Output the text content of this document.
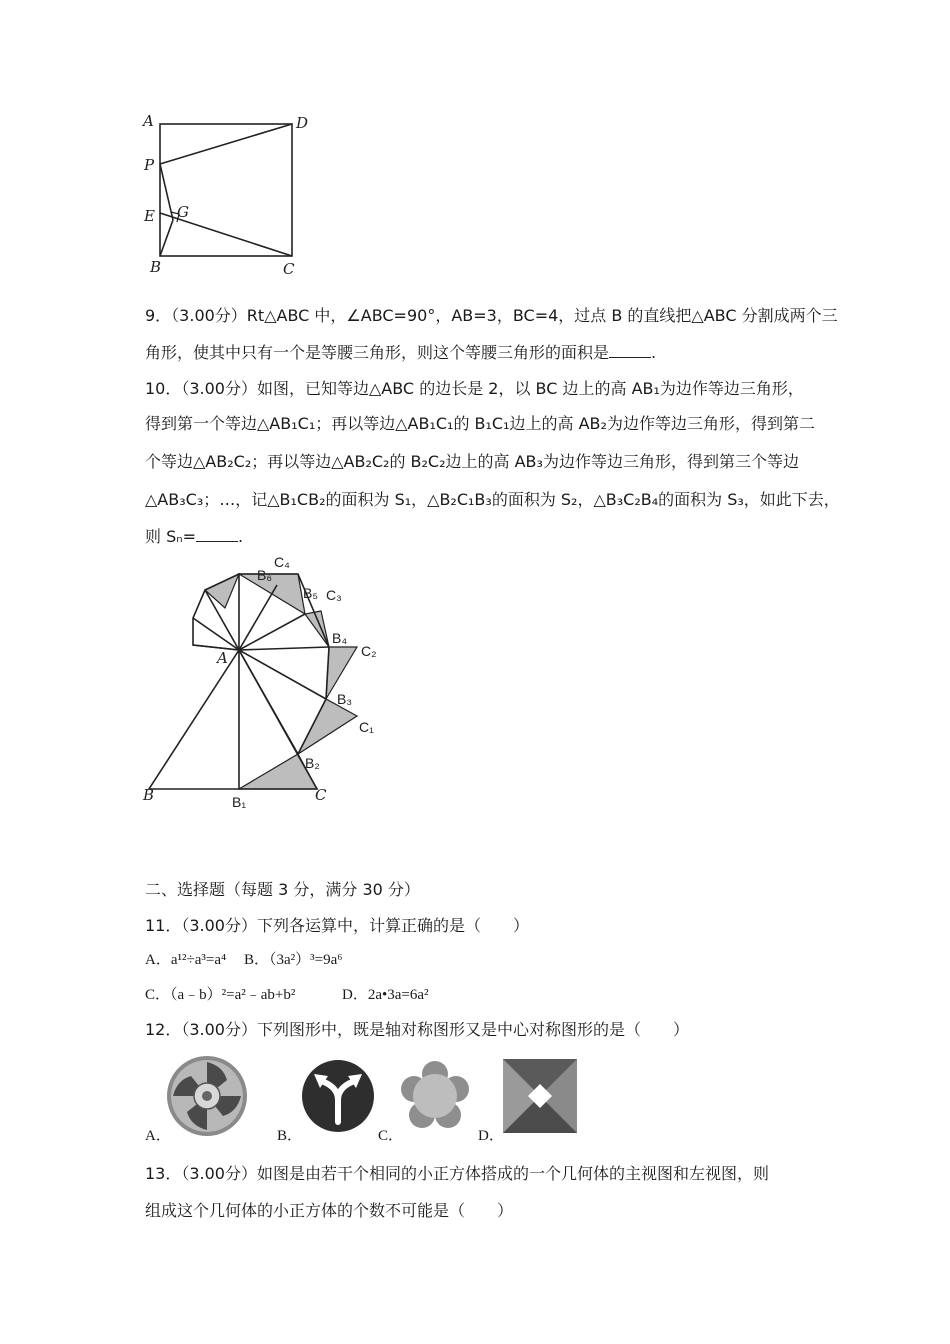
A	D
P
G
E
B	C
9．（3.00分）Rt△ABC 中，∠ABC=90°，AB=3，BC=4，过点 B 的直线把△ABC 分割成两个三
角形，使其中只有一个是等腰三角形，则这个等腰三角形的面积是	.
10．（3.00分）如图，已知等边△ABC 的边长是 2，以 BC 边上的高 AB₁为边作等边三角形，
得到第一个等边△AB₁C₁；再以等边△AB₁C₁的 B₁C₁边上的高 AB₂为边作等边三角形，得到第二
个等边△AB₂C₂；再以等边△AB₂C₂的 B₂C₂边上的高 AB₃为边作等边三角形，得到第三个等边
△AB₃C₃；…，记△B₁CB₂的面积为 S₁，△B₂C₁B₃的面积为 S₂，△B₃C₂B₄的面积为 S₃，如此下去，
则 Sₙ=	.
A
B	C
B₁
B₂
B₃
B₄
B₅
B₆
C₁
C₂
C₃
C₄
二、选择题（每题 3 分，满分 30 分）
11．（3.00分）下列各运算中，计算正确的是（　　）
A．a¹²÷a³=a⁴ B．（3a²）³=9a⁶
C．（a﹣b）²=a²﹣ab+b²	D．2a•3a=6a²
12．（3.00分）下列图形中，既是轴对称图形又是中心对称图形的是（　　）
A．	B．	C．	D．
13．（3.00分）如图是由若干个相同的小正方体搭成的一个几何体的主视图和左视图，则
组成这个几何体的小正方体的个数不可能是（　　）
